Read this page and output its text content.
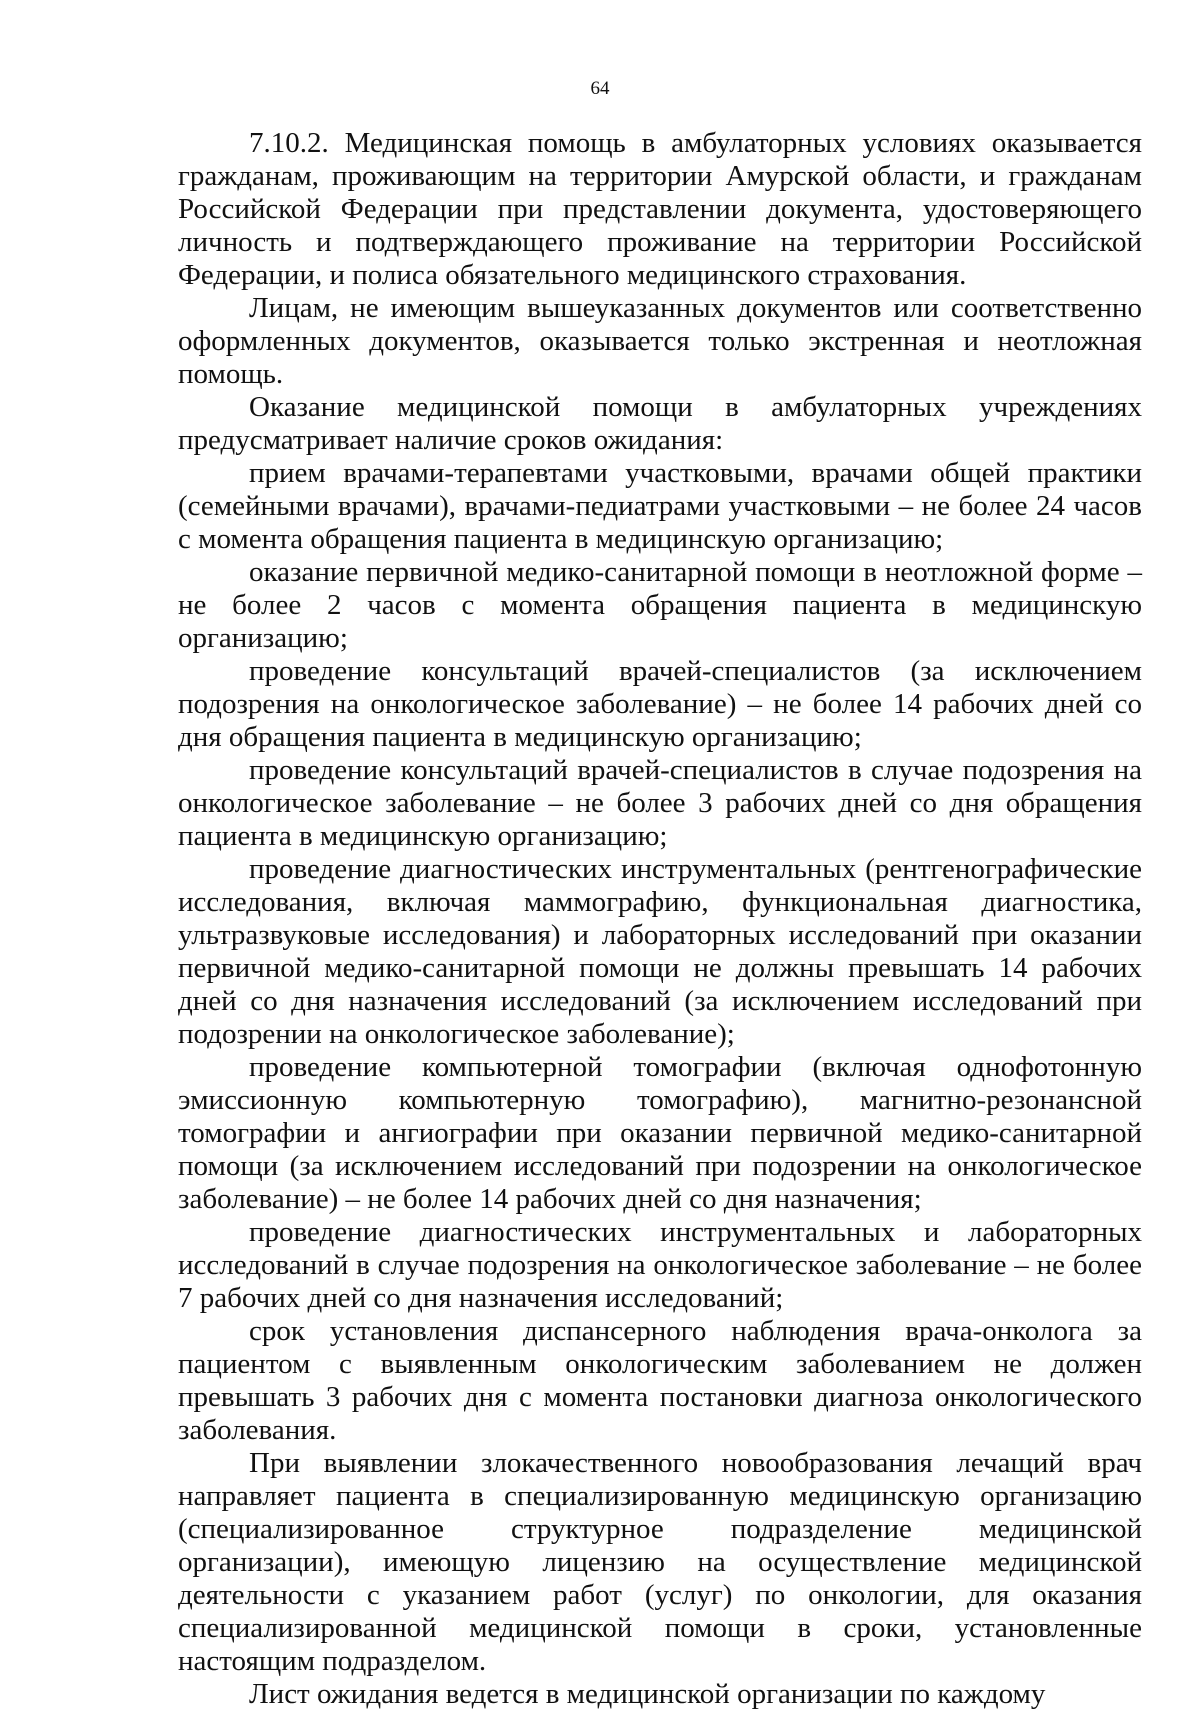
64

7.10.2. Медицинская помощь в амбулаторных условиях оказывается гражданам, проживающим на территории Амурской области, и гражданам Российской Федерации при представлении документа, удостоверяющего личность и подтверждающего проживание на территории Российской Федерации, и полиса обязательного медицинского страхования.

Лицам, не имеющим вышеуказанных документов или соответственно оформленных документов, оказывается только экстренная и неотложная помощь.

Оказание медицинской помощи в амбулаторных учреждениях предусматривает наличие сроков ожидания:

прием врачами-терапевтами участковыми, врачами общей практики (семейными врачами), врачами-педиатрами участковыми – не более 24 часов с момента обращения пациента в медицинскую организацию;

оказание первичной медико-санитарной помощи в неотложной форме – не более 2 часов с момента обращения пациента в медицинскую организацию;

проведение консультаций врачей-специалистов (за исключением подозрения на онкологическое заболевание) – не более 14 рабочих дней со дня обращения пациента в медицинскую организацию;

проведение консультаций врачей-специалистов в случае подозрения на онкологическое заболевание – не более 3 рабочих дней со дня обращения пациента в медицинскую организацию;

проведение диагностических инструментальных (рентгенографические исследования, включая маммографию, функциональная диагностика, ультразвуковые исследования) и лабораторных исследований при оказании первичной медико-санитарной помощи не должны превышать 14 рабочих дней со дня назначения исследований (за исключением исследований при подозрении на онкологическое заболевание);

проведение компьютерной томографии (включая однофотонную эмиссионную компьютерную томографию), магнитно-резонансной томографии и ангиографии при оказании первичной медико-санитарной помощи (за исключением исследований при подозрении на онкологическое заболевание) – не более 14 рабочих дней со дня назначения;

проведение диагностических инструментальных и лабораторных исследований в случае подозрения на онкологическое заболевание – не более 7 рабочих дней со дня назначения исследований;

срок установления диспансерного наблюдения врача-онколога за пациентом с выявленным онкологическим заболеванием не должен превышать 3 рабочих дня с момента постановки диагноза онкологического заболевания.

При выявлении злокачественного новообразования лечащий врач направляет пациента в специализированную медицинскую организацию (специализированное структурное подразделение медицинской организации), имеющую лицензию на осуществление медицинской деятельности с указанием работ (услуг) по онкологии, для оказания специализированной медицинской помощи в сроки, установленные настоящим подразделом.

Лист ожидания ведется в медицинской организации по каждому
